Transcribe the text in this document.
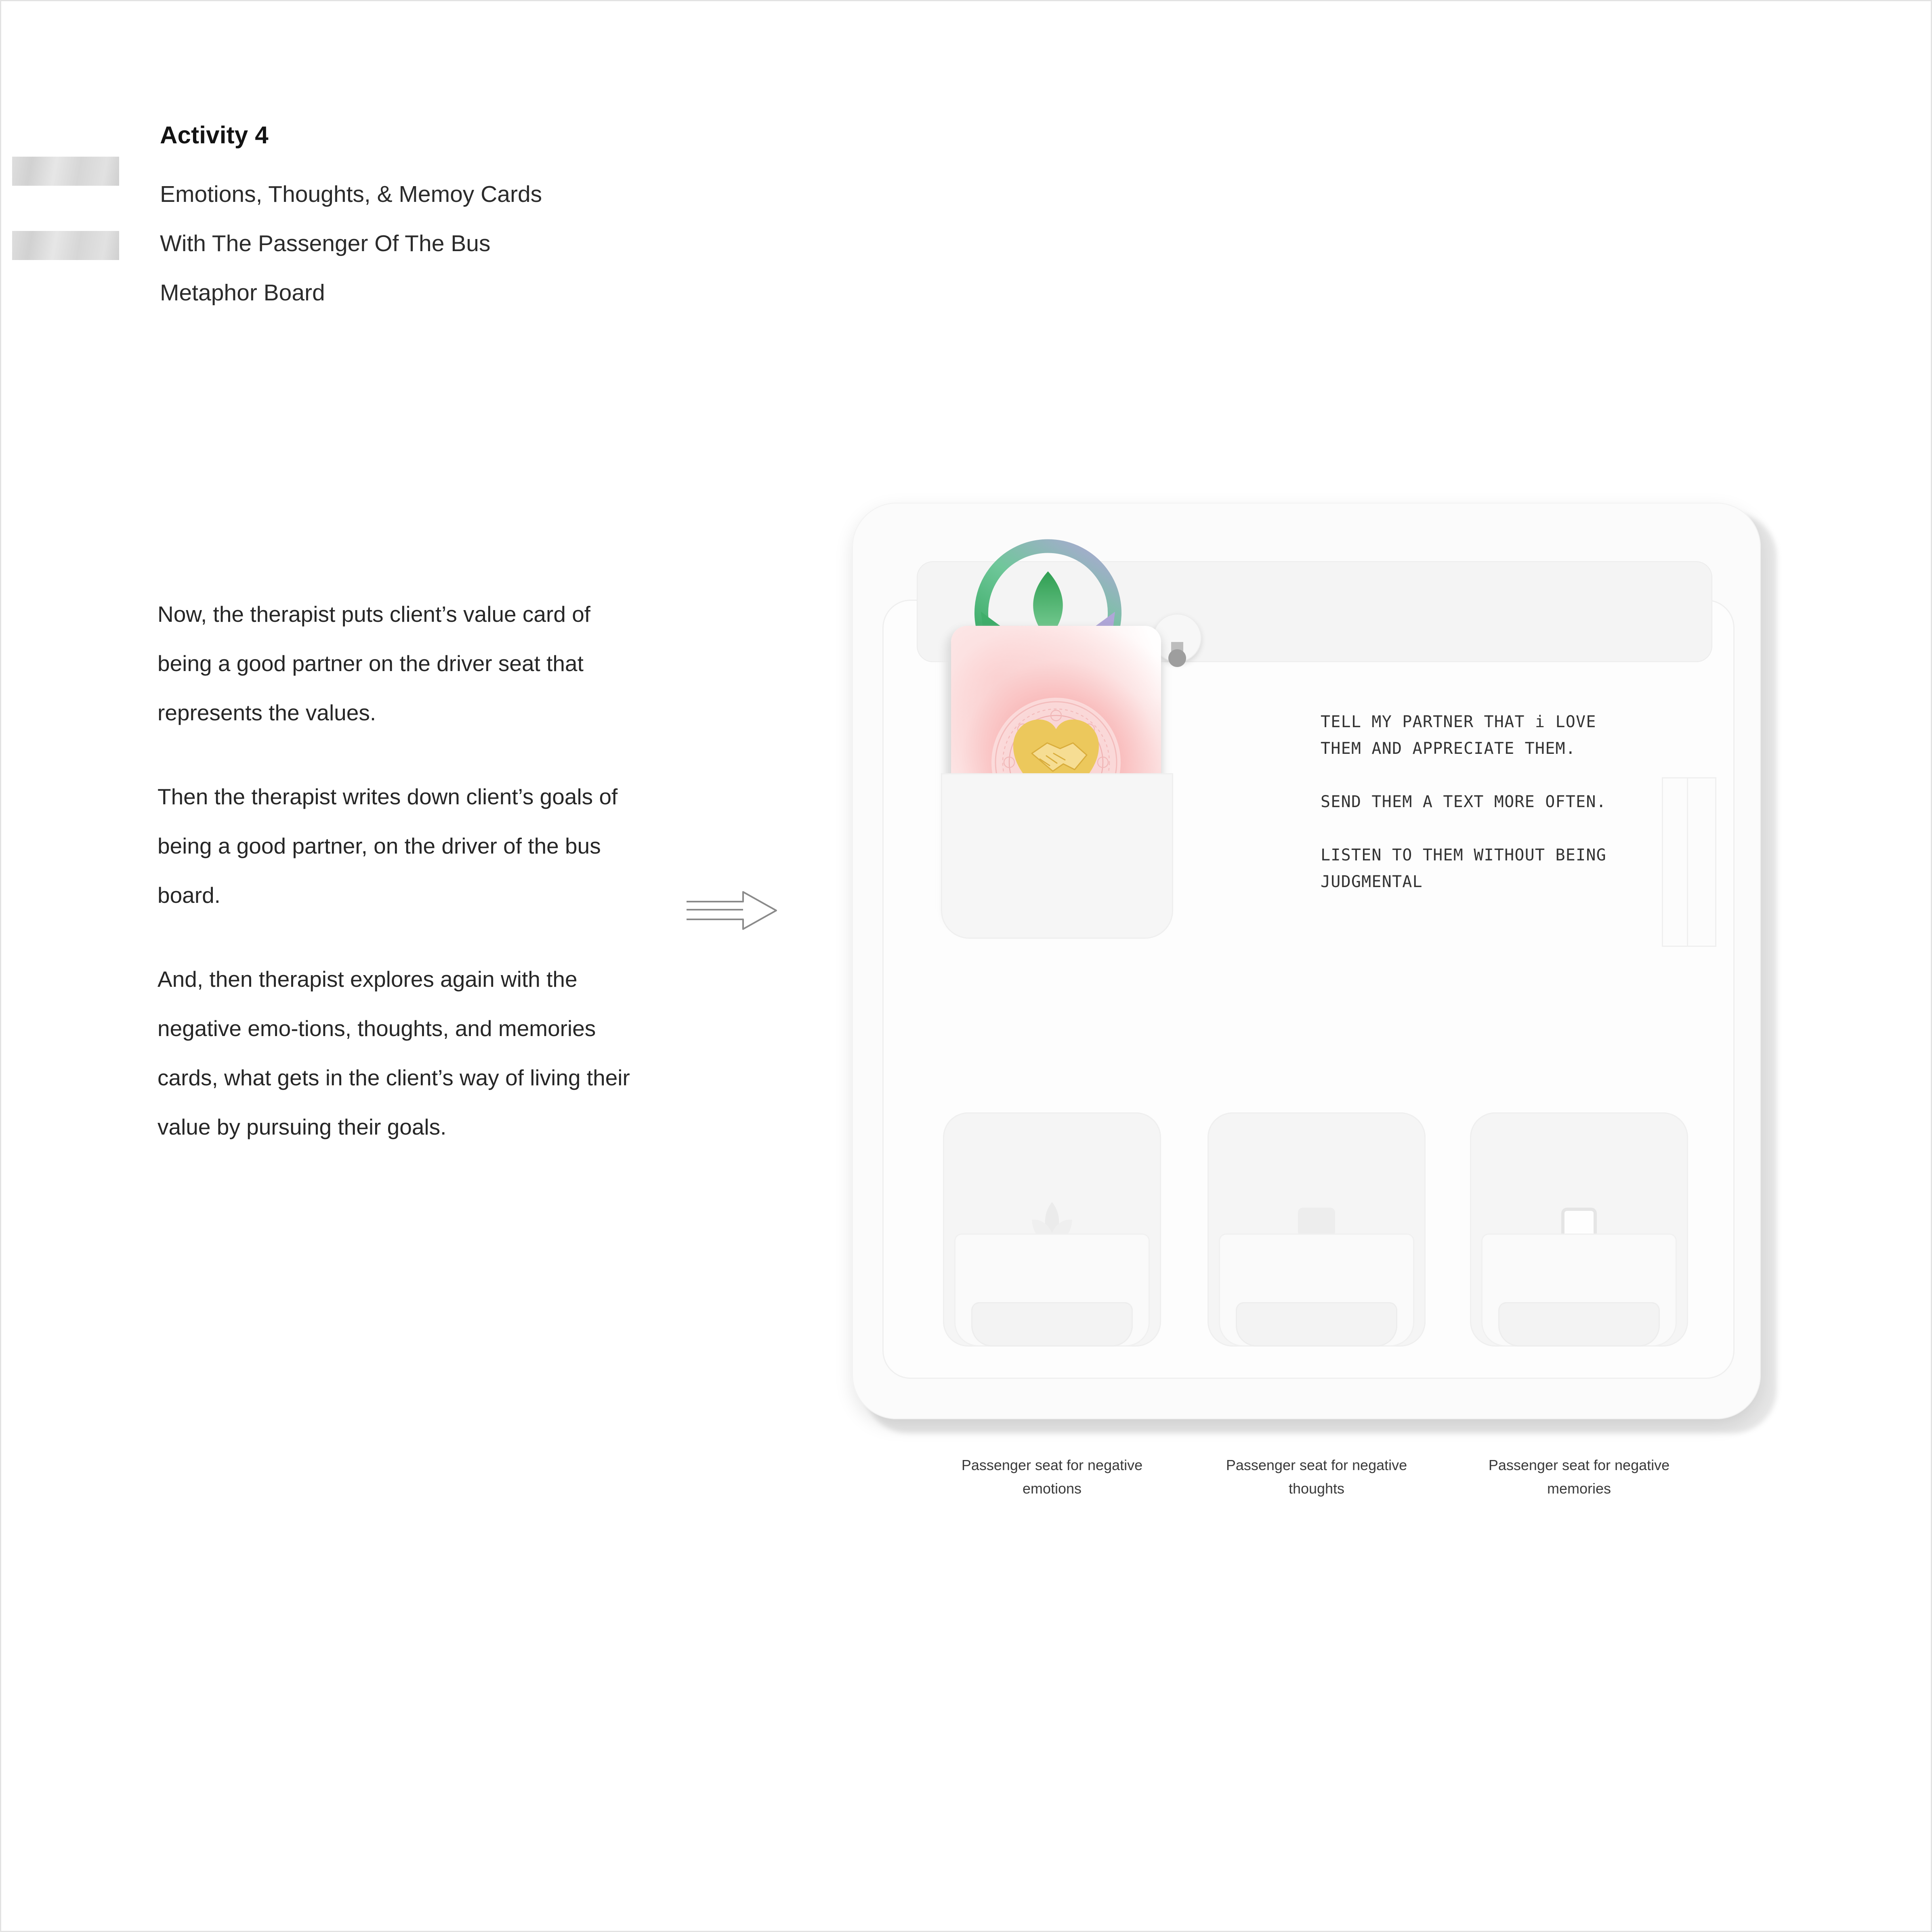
Activity 4
Emotions, Thoughts, & Memoy Cards
With The Passenger Of The Bus
Metaphor Board

Now, the therapist puts client’s value card of being a good partner on the driver seat that represents the values.

Then the therapist writes down client’s goals of being a good partner, on the driver of the bus board.

And, then therapist explores again with the negative emo-tions, thoughts, and memories cards, what gets in the client’s way of living their value by pursuing their goals.

TELL MY PARTNER THAT i LOVE THEM AND APPRECIATE THEM.

SEND THEM A TEXT MORE OFTEN.

LISTEN TO THEM WITHOUT BEING JUDGMENTAL

Passenger seat for negative emotions
Passenger seat for negative thoughts
Passenger seat for negative memories
